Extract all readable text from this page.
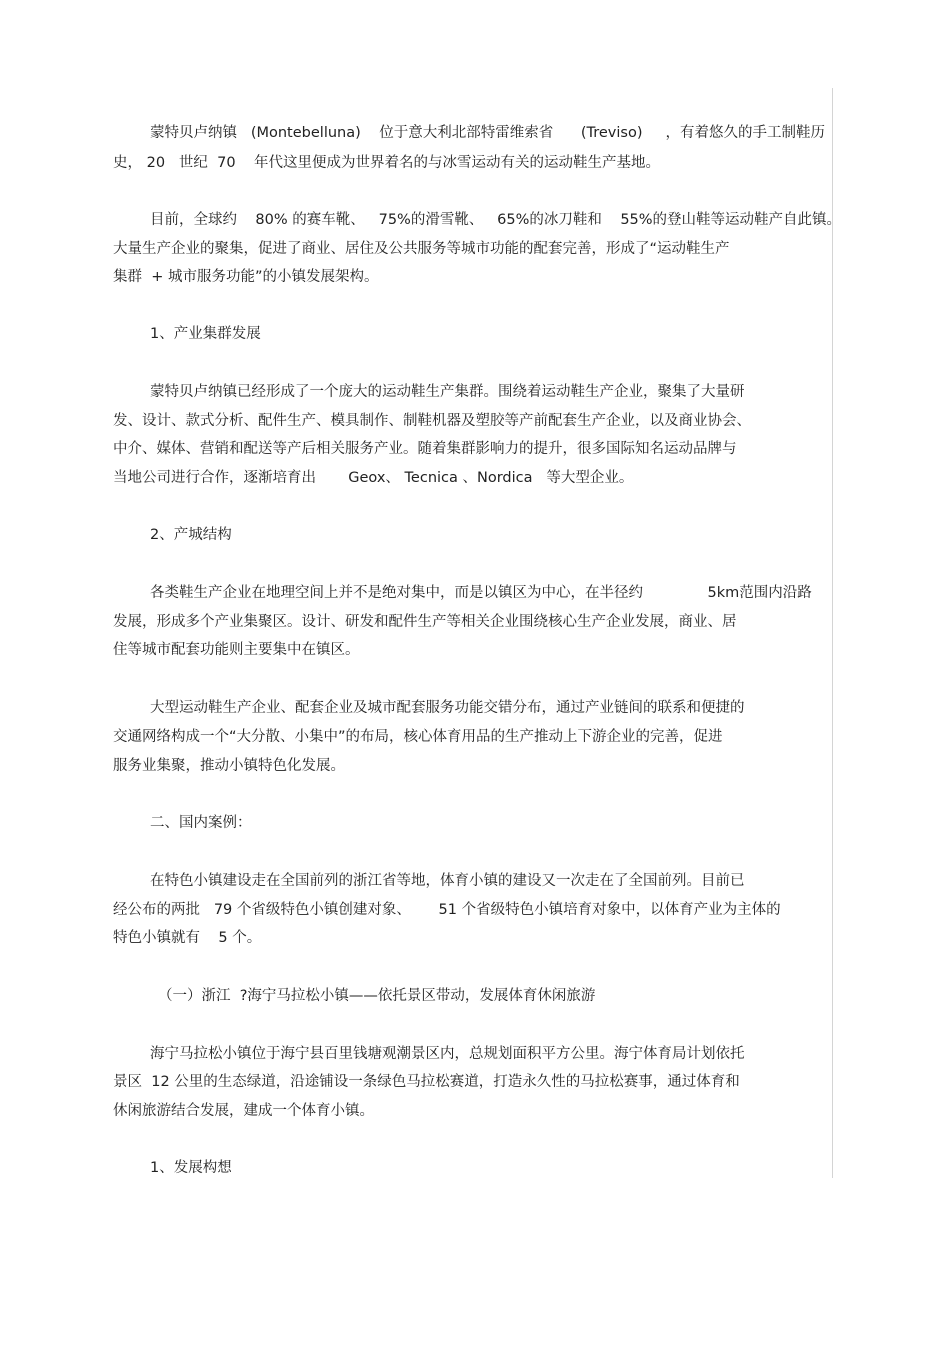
蒙特贝卢纳镇   (Montebelluna)    位于意大利北部特雷维索省      (Treviso)     ，有着悠久的手工制鞋历
史， 20   世纪  70    年代这里便成为世界着名的与冰雪运动有关的运动鞋生产基地。
目前，全球约    80% 的赛车靴、   75%的滑雪靴、   65%的冰刀鞋和    55%的登山鞋等运动鞋产自此镇。
大量生产企业的聚集，促进了商业、居住及公共服务等城市功能的配套完善，形成了“运动鞋生产
集群  + 城市服务功能”的小镇发展架构。
1、产业集群发展
蒙特贝卢纳镇已经形成了一个庞大的运动鞋生产集群。围绕着运动鞋生产企业，聚集了大量研
发、设计、款式分析、配件生产、模具制作、制鞋机器及塑胶等产前配套生产企业，以及商业协会、
中介、媒体、营销和配送等产后相关服务产业。随着集群影响力的提升，很多国际知名运动品牌与
当地公司进行合作，逐渐培育出       Geox、 Tecnica 、Nordica   等大型企业。
2、产城结构
各类鞋生产企业在地理空间上并不是绝对集中，而是以镇区为中心，在半径约              5km范围内沿路
发展，形成多个产业集聚区。设计、研发和配件生产等相关企业围绕核心生产企业发展，商业、居
住等城市配套功能则主要集中在镇区。
大型运动鞋生产企业、配套企业及城市配套服务功能交错分布，通过产业链间的联系和便捷的
交通网络构成一个“大分散、小集中”的布局，核心体育用品的生产推动上下游企业的完善，促进
服务业集聚，推动小镇特色化发展。
二、国内案例：
在特色小镇建设走在全国前列的浙江省等地，体育小镇的建设又一次走在了全国前列。目前已
经公布的两批   79 个省级特色小镇创建对象、      51 个省级特色小镇培育对象中，以体育产业为主体的
特色小镇就有    5 个。
（一）浙江  ?海宁马拉松小镇——依托景区带动，发展体育休闲旅游
海宁马拉松小镇位于海宁县百里钱塘观潮景区内，总规划面积平方公里。海宁体育局计划依托
景区  12 公里的生态绿道，沿途铺设一条绿色马拉松赛道，打造永久性的马拉松赛事，通过体育和
休闲旅游结合发展，建成一个体育小镇。
1、发展构想
